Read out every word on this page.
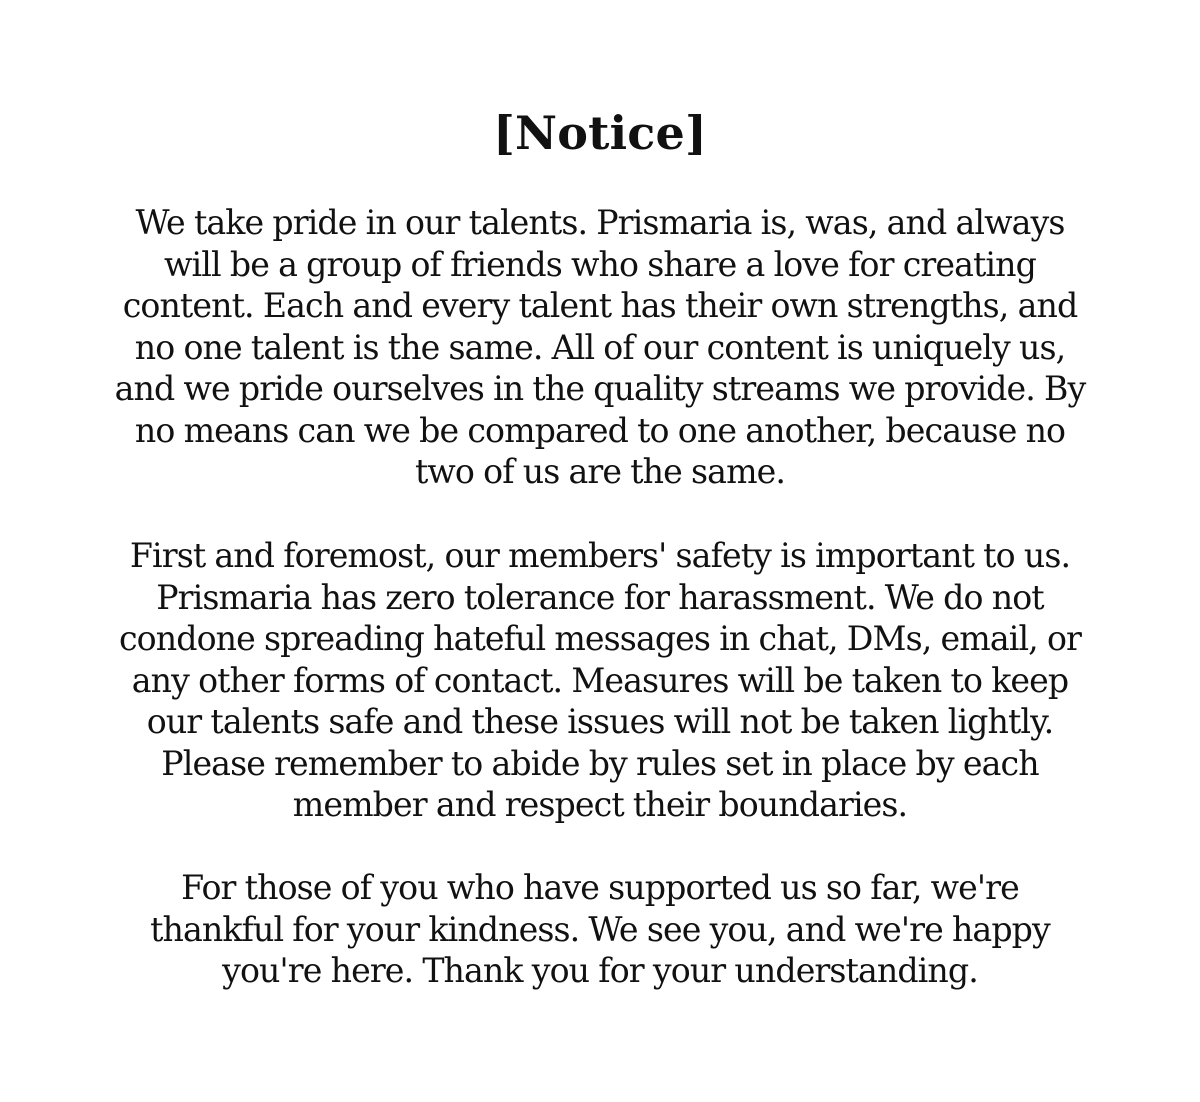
[Notice]

We take pride in our talents. Prismaria is, was, and always
will be a group of friends who share a love for creating
content. Each and every talent has their own strengths, and
no one talent is the same. All of our content is uniquely us,
and we pride ourselves in the quality streams we provide. By
no means can we be compared to one another, because no
two of us are the same.

First and foremost, our members' safety is important to us.
Prismaria has zero tolerance for harassment. We do not
condone spreading hateful messages in chat, DMs, email, or
any other forms of contact. Measures will be taken to keep
our talents safe and these issues will not be taken lightly.
Please remember to abide by rules set in place by each
member and respect their boundaries.

For those of you who have supported us so far, we're
thankful for your kindness. We see you, and we're happy
you're here. Thank you for your understanding.
